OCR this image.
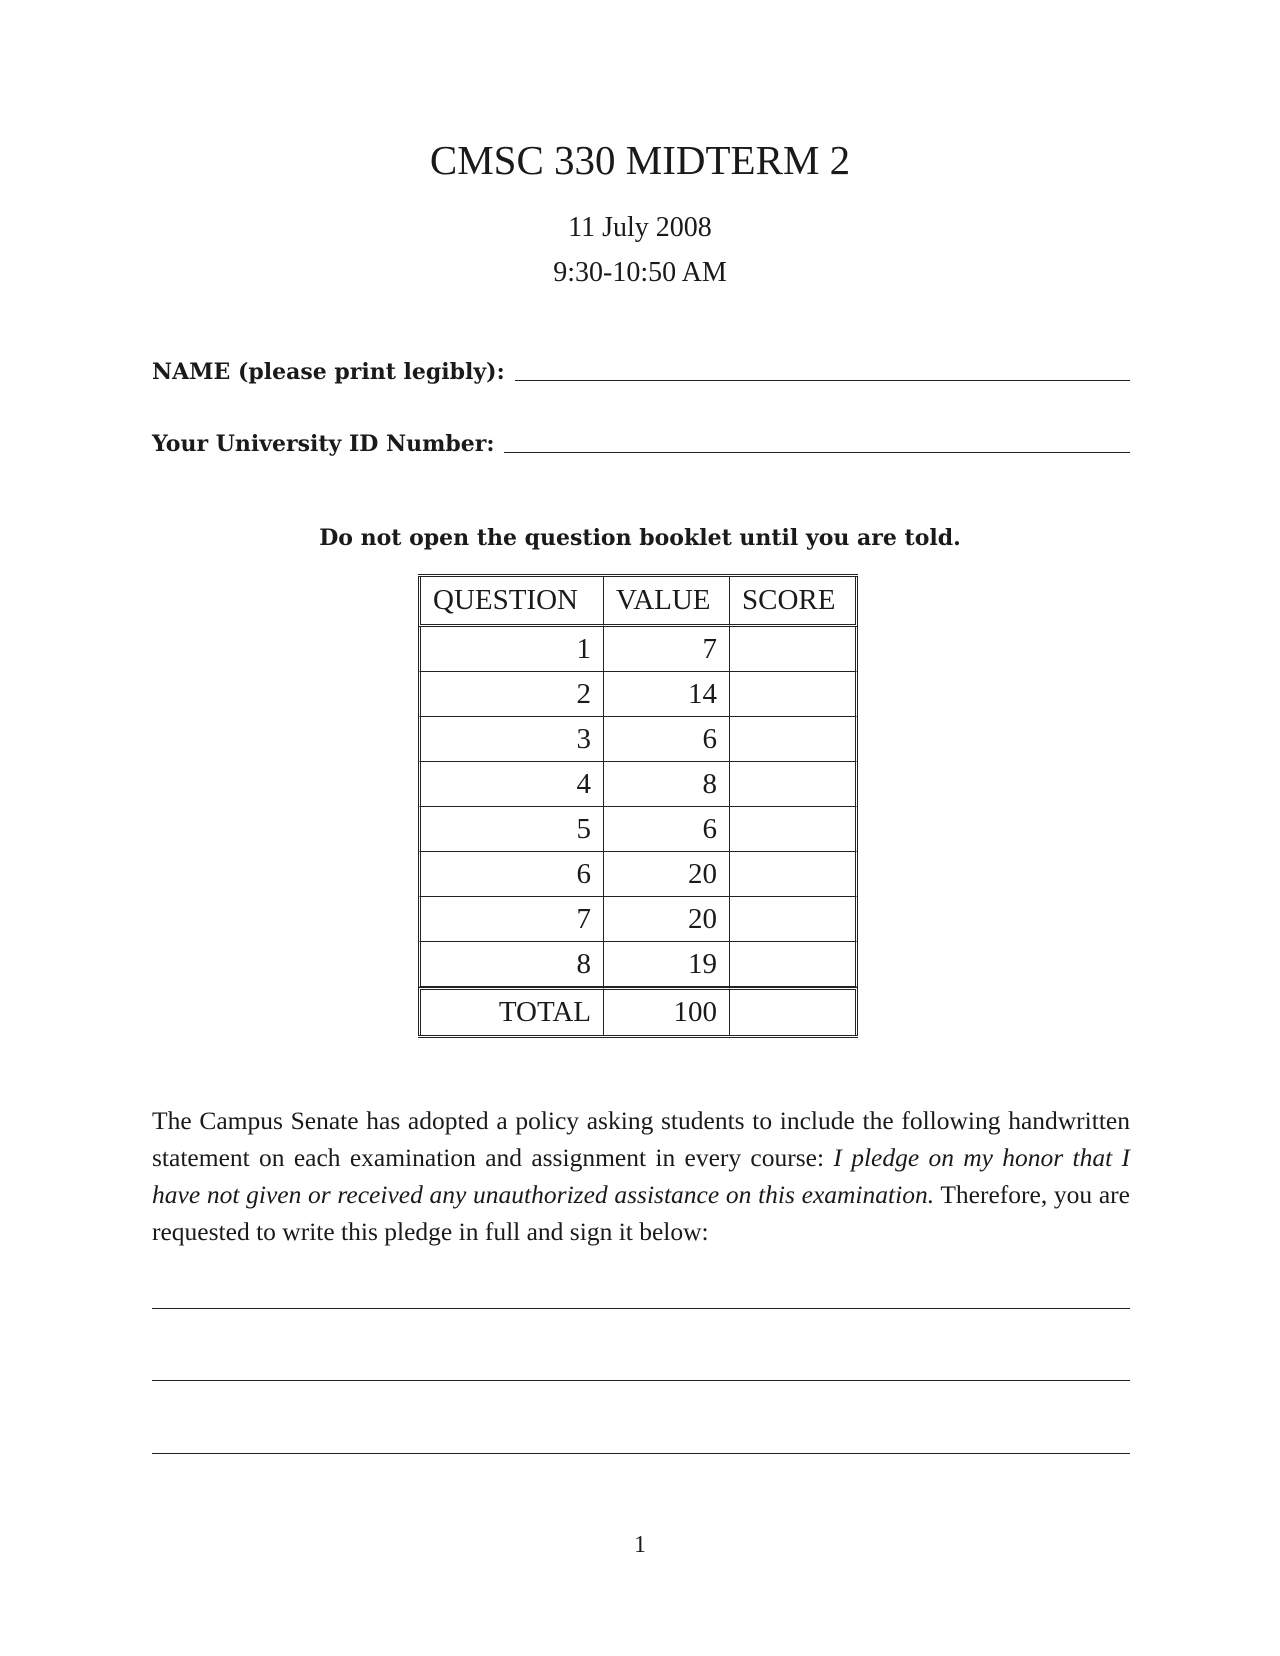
CMSC 330 MIDTERM 2
11 July 2008
9:30-10:50 AM
NAME (please print legibly):
Your University ID Number:
Do not open the question booklet until you are told.
QUESTION	VALUE	SCORE
1	7	
2	14	
3	6	
4	8	
5	6	
6	20	
7	20	
8	19	
TOTAL	100	

The Campus Senate has adopted a policy asking students to include the following handwritten statement on each examination and assignment in every course: I pledge on my honor that I have not given or received any unauthorized assistance on this examination. Therefore, you are requested to write this pledge in full and sign it below:

1
